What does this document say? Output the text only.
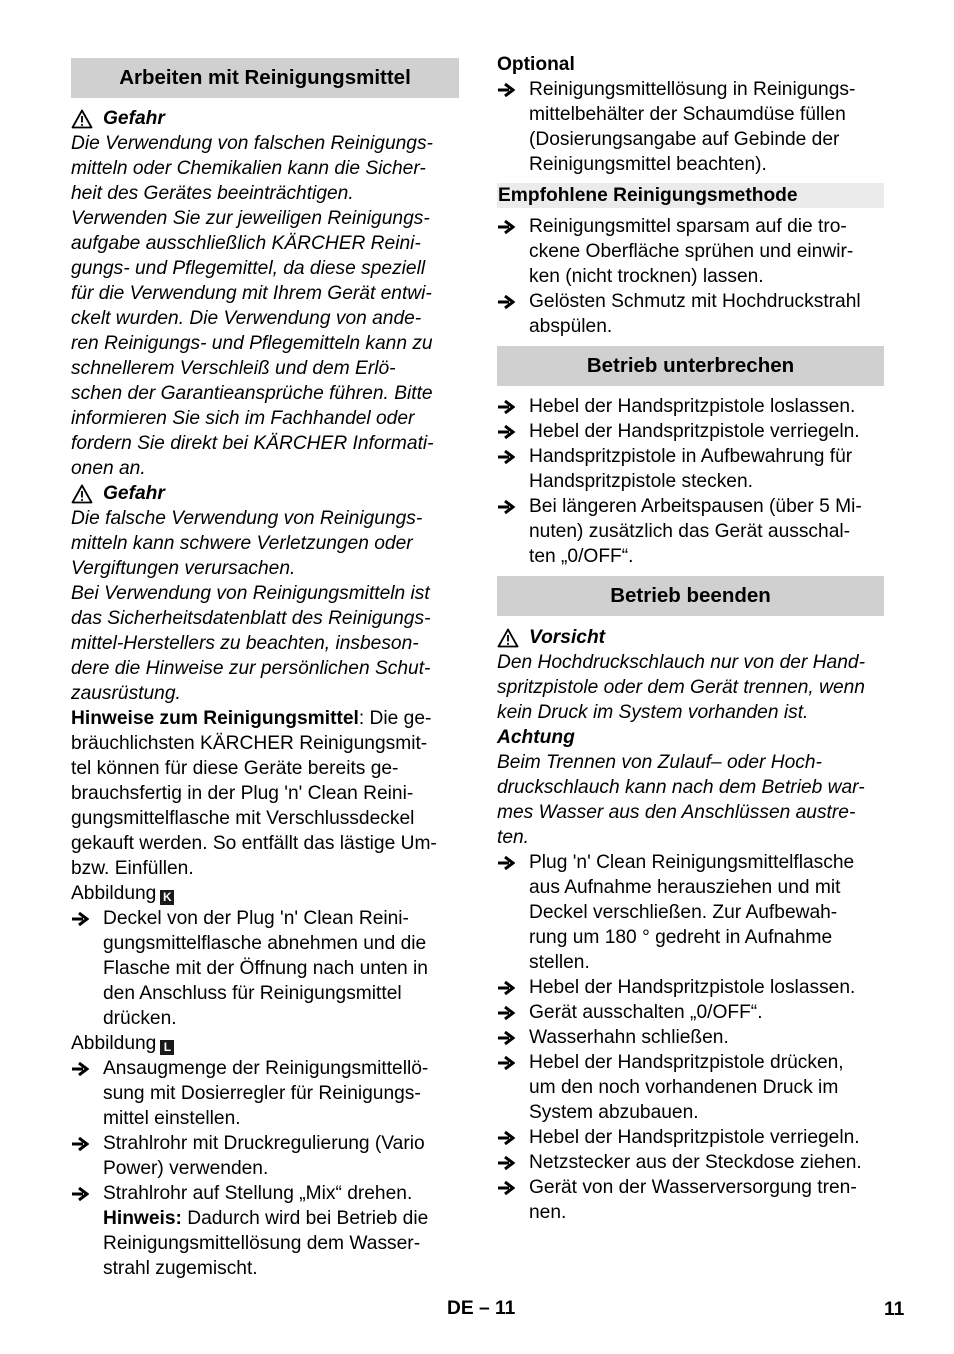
Arbeiten mit Reinigungsmittel
Gefahr
Die Verwendung von falschen Reinigungs-
mitteln oder Chemikalien kann die Sicher-
heit des Gerätes beeinträchtigen.
Verwenden Sie zur jeweiligen Reinigungs-
aufgabe ausschließlich KÄRCHER Reini-
gungs- und Pflegemittel, da diese speziell
für die Verwendung mit Ihrem Gerät entwi-
ckelt wurden. Die Verwendung von ande-
ren Reinigungs- und Pflegemitteln kann zu
schnellerem Verschleiß und dem Erlö-
schen der Garantieansprüche führen. Bitte
informieren Sie sich im Fachhandel oder
fordern Sie direkt bei KÄRCHER Informati-
onen an.
Gefahr
Die falsche Verwendung von Reinigungs-
mitteln kann schwere Verletzungen oder
Vergiftungen verursachen.
Bei Verwendung von Reinigungsmitteln ist
das Sicherheitsdatenblatt des Reinigungs-
mittel-Herstellers zu beachten, insbeson-
dere die Hinweise zur persönlichen Schut-
zausrüstung.
Hinweise zum Reinigungsmittel: Die ge-
bräuchlichsten KÄRCHER Reinigungsmit-
tel können für diese Geräte bereits ge-
brauchsfertig in der Plug 'n' Clean Reini-
gungsmittelflasche mit Verschlussdeckel
gekauft werden. So entfällt das lästige Um-
bzw. Einfüllen.
Abbildung K
Deckel von der Plug 'n' Clean Reini-
gungsmittelflasche abnehmen und die
Flasche mit der Öffnung nach unten in
den Anschluss für Reinigungsmittel
drücken.
Abbildung L
Ansaugmenge der Reinigungsmittellö-
sung mit Dosierregler für Reinigungs-
mittel einstellen.
Strahlrohr mit Druckregulierung (Vario
Power) verwenden.
Strahlrohr auf Stellung „Mix“ drehen.
Hinweis: Dadurch wird bei Betrieb die
Reinigungsmittellösung dem Wasser-
strahl zugemischt.
Optional
Reinigungsmittellösung in Reinigungs-
mittelbehälter der Schaumdüse füllen
(Dosierungsangabe auf Gebinde der
Reinigungsmittel beachten).
Empfohlene Reinigungsmethode
Reinigungsmittel sparsam auf die tro-
ckene Oberfläche sprühen und einwir-
ken (nicht trocknen) lassen.
Gelösten Schmutz mit Hochdruckstrahl
abspülen.
Betrieb unterbrechen
Hebel der Handspritzpistole loslassen.
Hebel der Handspritzpistole verriegeln.
Handspritzpistole in Aufbewahrung für
Handspritzpistole stecken.
Bei längeren Arbeitspausen (über 5 Mi-
nuten) zusätzlich das Gerät ausschal-
ten „0/OFF“.
Betrieb beenden
Vorsicht
Den Hochdruckschlauch nur von der Hand-
spritzpistole oder dem Gerät trennen, wenn
kein Druck im System vorhanden ist.
Achtung
Beim Trennen von Zulauf– oder Hoch-
druckschlauch kann nach dem Betrieb war-
mes Wasser aus den Anschlüssen austre-
ten.
Plug 'n' Clean Reinigungsmittelflasche
aus Aufnahme herausziehen und mit
Deckel verschließen. Zur Aufbewah-
rung um 180 ° gedreht in Aufnahme
stellen.
Hebel der Handspritzpistole loslassen.
Gerät ausschalten „0/OFF“.
Wasserhahn schließen.
Hebel der Handspritzpistole drücken,
um den noch vorhandenen Druck im
System abzubauen.
Hebel der Handspritzpistole verriegeln.
Netzstecker aus der Steckdose ziehen.
Gerät von der Wasserversorgung tren-
nen.
DE – 11	11
